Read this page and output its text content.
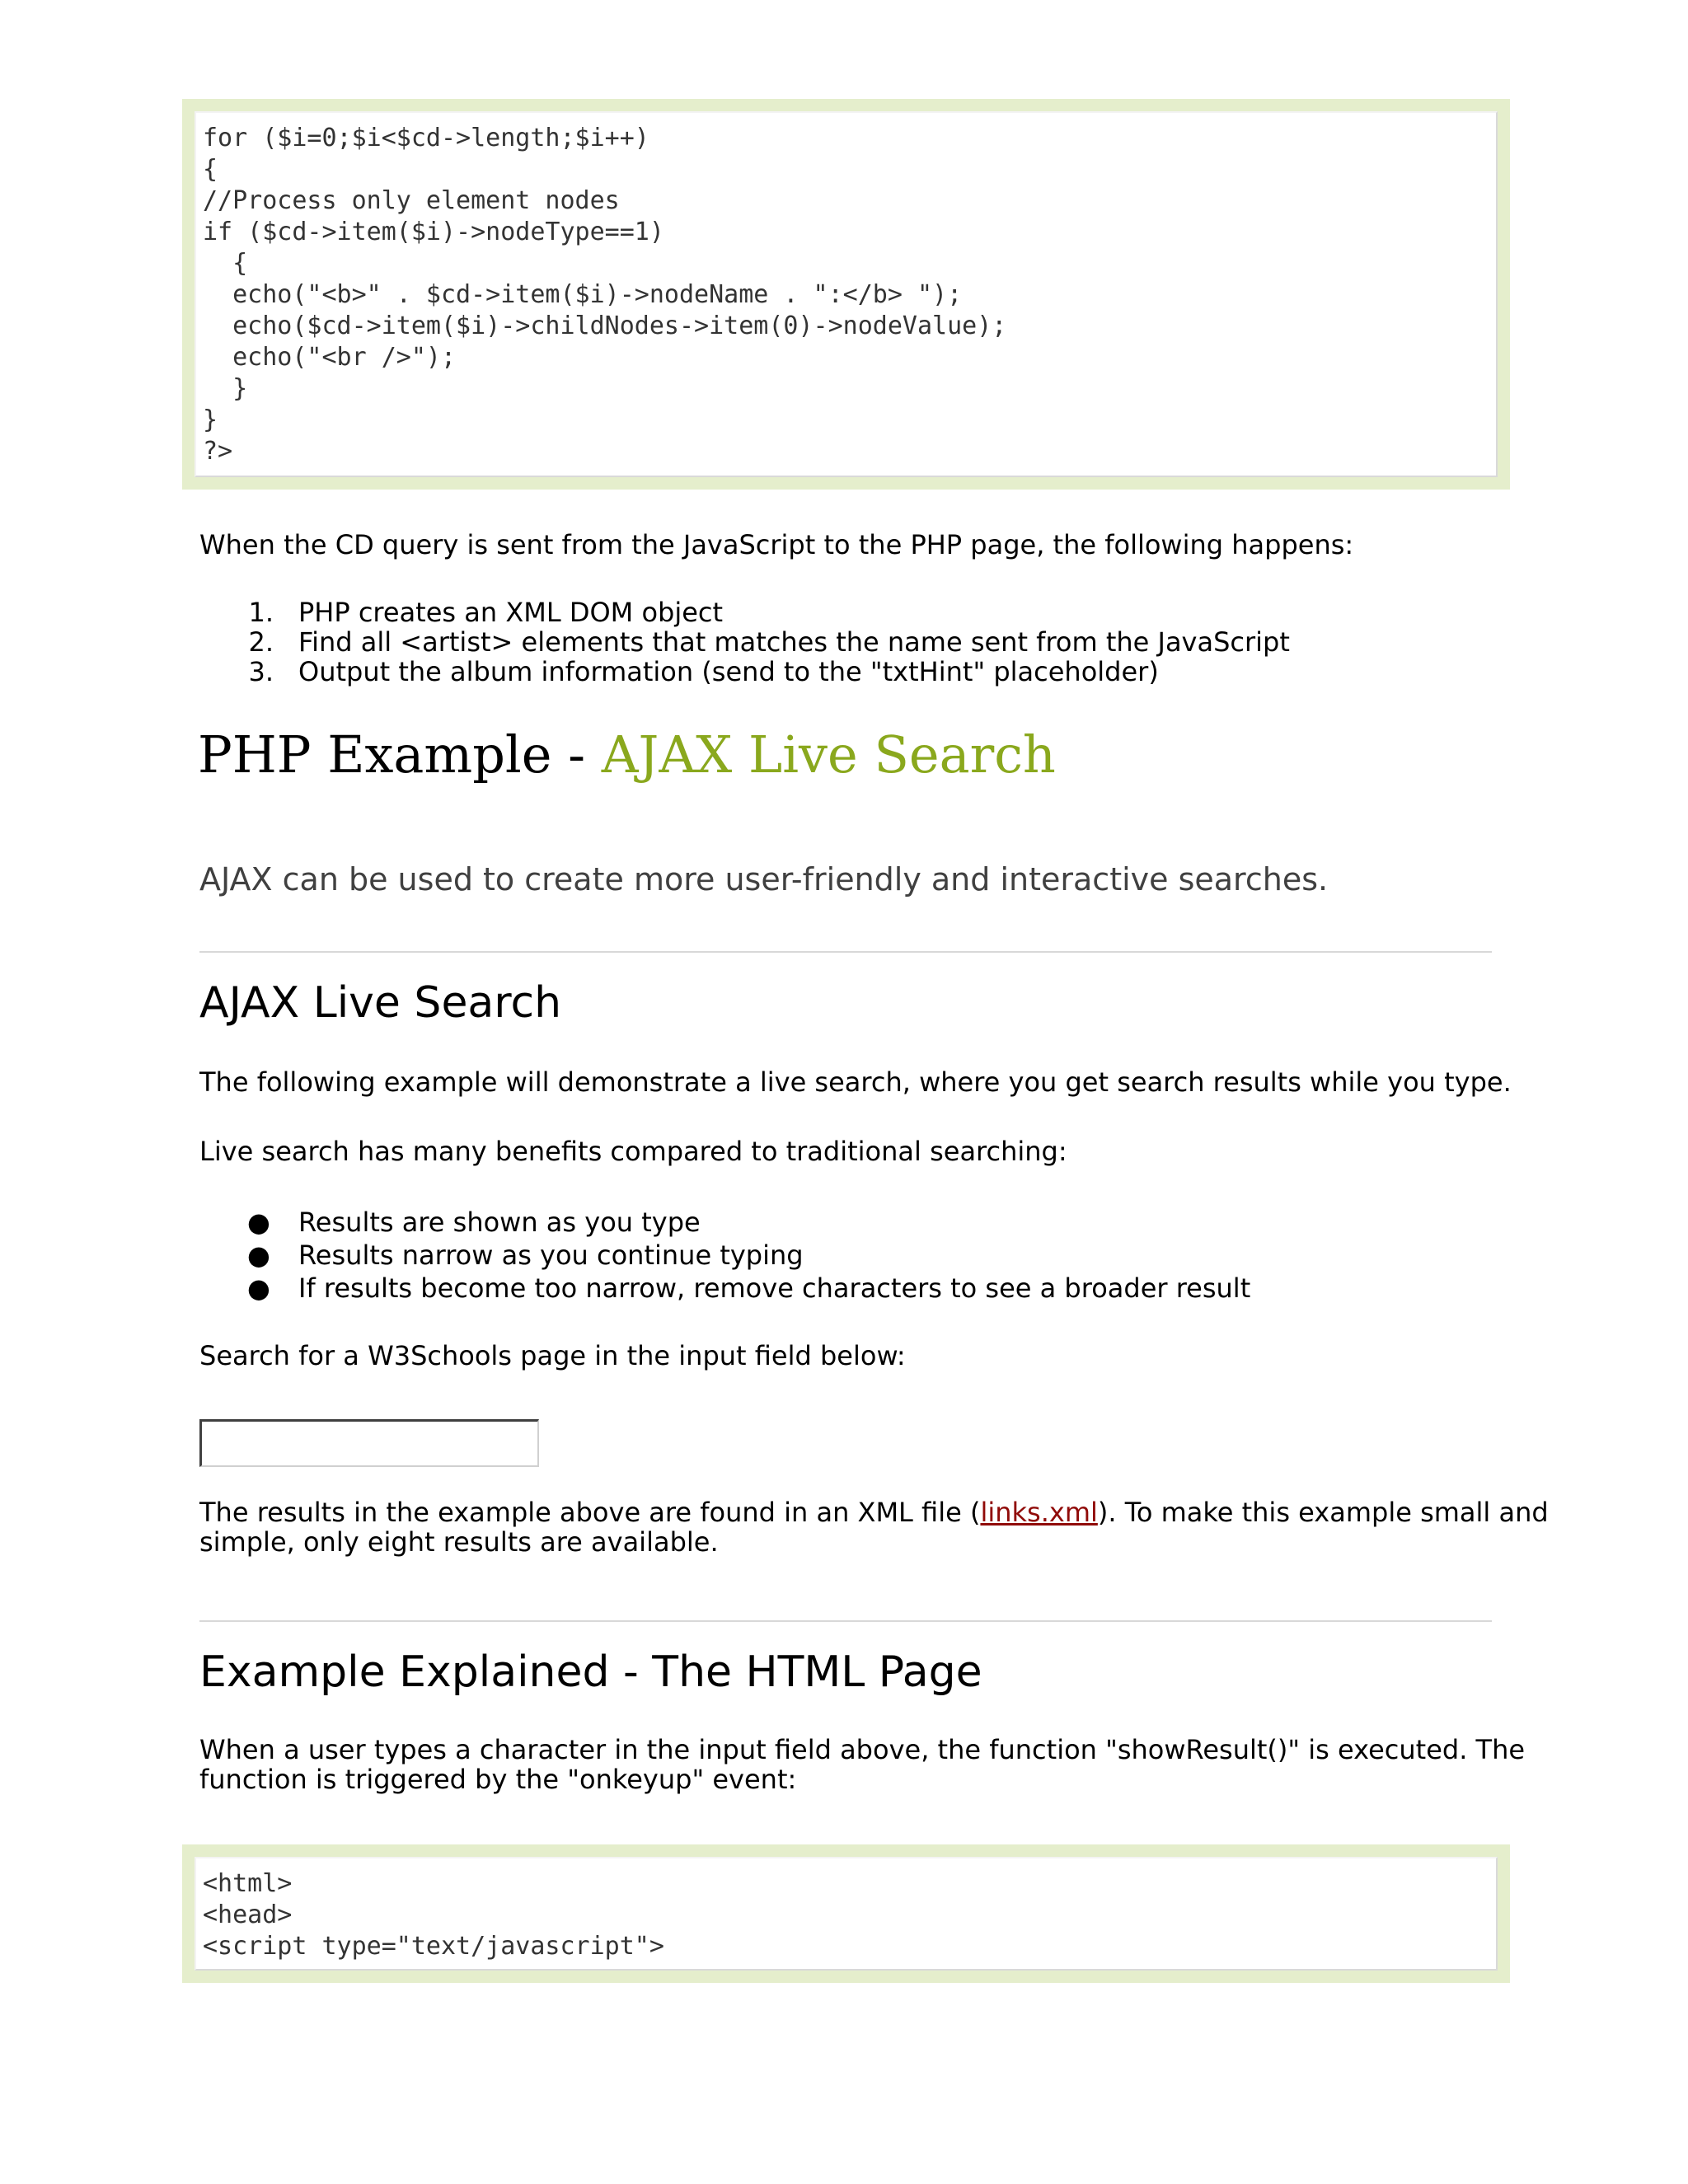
for ($i=0;$i<$cd->length;$i++)
{
//Process only element nodes
if ($cd->item($i)->nodeType==1)
{
echo("<b>" . $cd->item($i)->nodeName . ":</b> ");
echo($cd->item($i)->childNodes->item(0)->nodeValue);
echo("<br />");
}
}
?>
When the CD query is sent from the JavaScript to the PHP page, the following happens:
1. PHP creates an XML DOM object
2. Find all <artist> elements that matches the name sent from the JavaScript
3. Output the album information (send to the "txtHint" placeholder)
PHP Example - AJAX Live Search
AJAX can be used to create more user-friendly and interactive searches.
AJAX Live Search
The following example will demonstrate a live search, where you get search results while you type.
Live search has many benefits compared to traditional searching:
● Results are shown as you type
● Results narrow as you continue typing
● If results become too narrow, remove characters to see a broader result
Search for a W3Schools page in the input field below:
The results in the example above are found in an XML file (links.xml). To make this example small and
simple, only eight results are available.
Example Explained - The HTML Page
When a user types a character in the input field above, the function "showResult()" is executed. The
function is triggered by the "onkeyup" event:
<html>
<head>
<script type="text/javascript">
